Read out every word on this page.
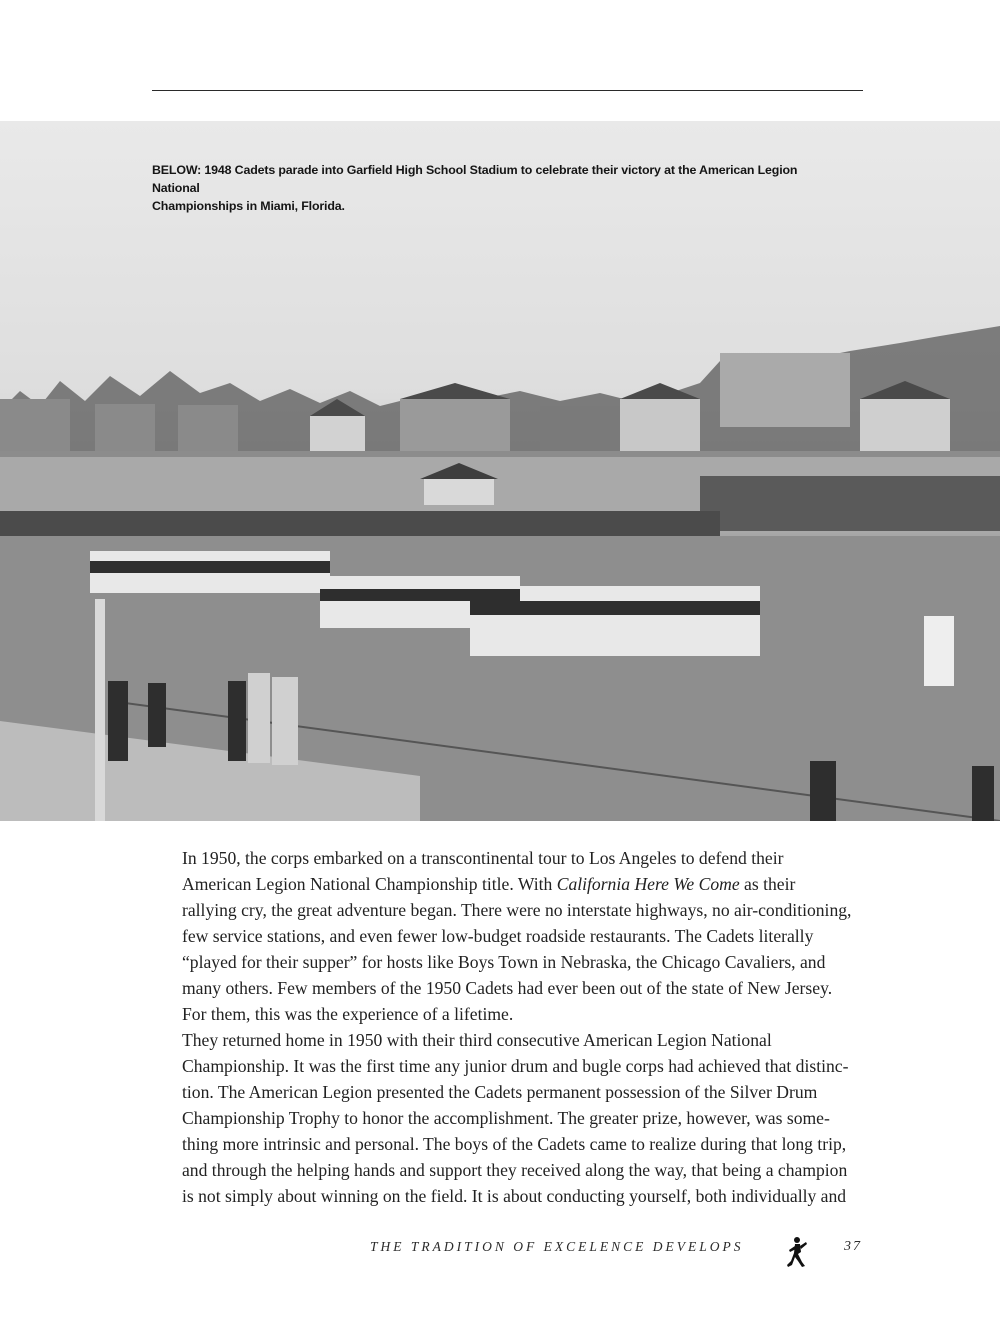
BELOW: 1948 Cadets parade into Garfield High School Stadium to celebrate their victory at the American Legion National
Championships in Miami, Florida.

In 1950, the corps embarked on a transcontinental tour to Los Angeles to defend their
American Legion National Championship title. With California Here We Come as their
rallying cry, the great adventure began. There were no interstate highways, no air-conditioning,
few service stations, and even fewer low-budget roadside restaurants. The Cadets literally
“played for their supper” for hosts like Boys Town in Nebraska, the Chicago Cavaliers, and
many others. Few members of the 1950 Cadets had ever been out of the state of New Jersey.
For them, this was the experience of a lifetime.

They returned home in 1950 with their third consecutive American Legion National
Championship. It was the first time any junior drum and bugle corps had achieved that distinc-
tion. The American Legion presented the Cadets permanent possession of the Silver Drum
Championship Trophy to honor the accomplishment. The greater prize, however, was some-
thing more intrinsic and personal. The boys of the Cadets came to realize during that long trip,
and through the helping hands and support they received along the way, that being a champion
is not simply about winning on the field. It is about conducting yourself, both individually and

THE TRADITION OF EXCELENCE DEVELOPS	37
